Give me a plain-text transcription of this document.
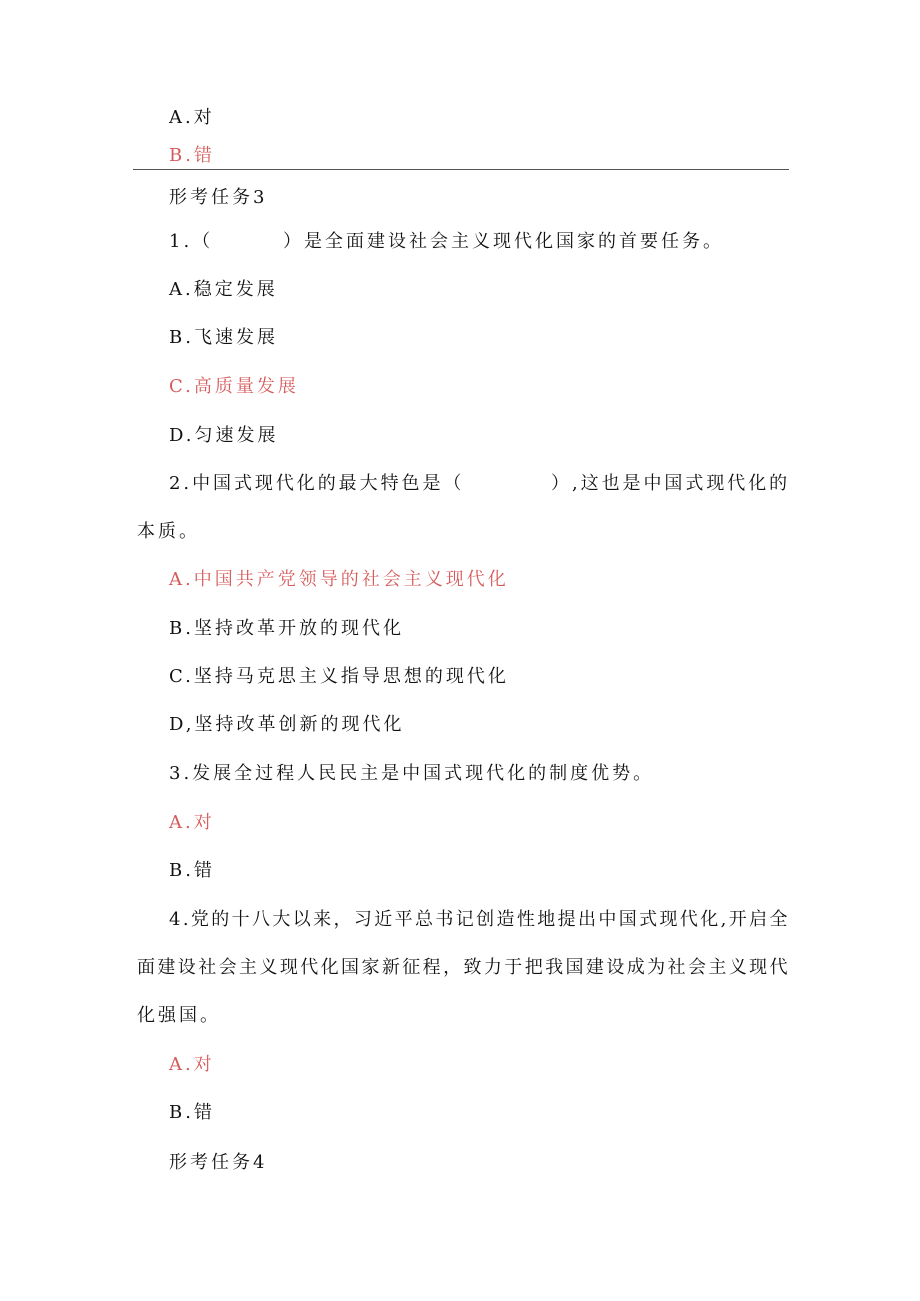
A.对
B.错
形考任务3
1.（        ）是全面建设社会主义现代化国家的首要任务。
A.稳定发展
B.飞速发展
C.高质量发展
D.匀速发展
2.中国式现代化的最大特色是（          ）,这也是中国式现代化的
本质。
A.中国共产党领导的社会主义现代化
B.坚持改革开放的现代化
C.坚持马克思主义指导思想的现代化
D,坚持改革创新的现代化
3.发展全过程人民民主是中国式现代化的制度优势。
A.对
B.错
4.党的十八大以来，习近平总书记创造性地提出中国式现代化,开启全
面建设社会主义现代化国家新征程，致力于把我国建设成为社会主义现代
化强国。
A.对
B.错
形考任务4
